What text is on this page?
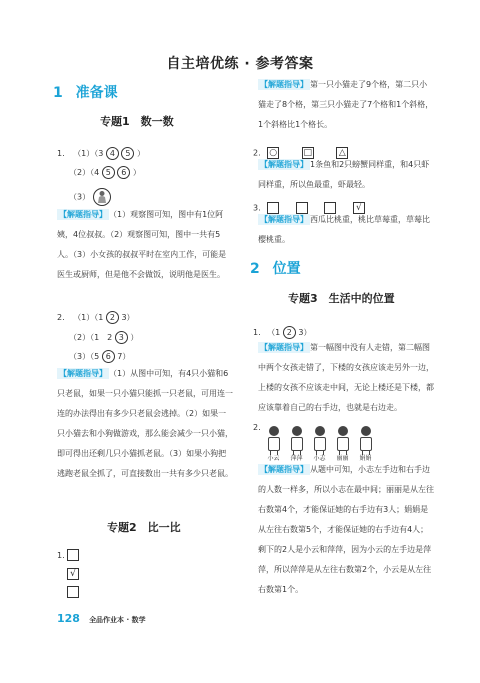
自主培优练 · 参考答案
1 准备课
专题1　数一数
1. （1）（3 4 5 ）
（2）（4 5 6 ）
（3）
【解题指导】 （1）观察图可知，图中有1位阿姨，4位叔叔。（2）观察图可知，图中一共有5人。（3）小女孩的叔叔平时在室内工作，可能是医生或厨师，但是他不会做饭，说明他是医生。
2. （1）（1 2 3）
（2）（1　2 3 ）
（3）（5 6 7）
【解题指导】 （1）从图中可知，有4只小猫和6只老鼠，如果一只小猫只能抓一只老鼠，可用连一连的办法得出有多少只老鼠会逃掉。（2）如果一只小猫去和小狗做游戏，那么能会减少一只小猫，即可得出还剩几只小猫抓老鼠。（3）如果小狗把逃跑老鼠全抓了，可直接数出一共有多少只老鼠。
专题2　比一比
1.
√
128 全品作业本 · 数学
【解题指导】 第一只小猫走了9个格，第二只小猫走了8个格，第三只小猫走了7个格和1个斜格，1个斜格比1个格长。
2. ○	□	△
【解题指导】 1条鱼和2只螃蟹同样重，和4只虾同样重，所以鱼最重，虾最轻。
3.	√
【解题指导】 西瓜比桃重，桃比草莓重，草莓比樱桃重。
2 位置
专题3　生活中的位置
1. （1 2 3）
【解题指导】 第一幅图中没有人走错，第二幅图中两个女孩走错了，下楼的女孩应该走另外一边，上楼的女孩不应该走中间，无论上楼还是下楼，都应该靠着自己的右手边，也就是右边走。
2.
小云	萍萍	小志	丽丽	娟娟
【解题指导】 从题中可知，小志左手边和右手边的人数一样多，所以小志在最中间；丽丽是从左往右数第4个，才能保证她的右手边有3人；娟娟是从左往右数第5个，才能保证她的右手边有4人；剩下的2人是小云和萍萍，因为小云的左手边是萍萍，所以萍萍是从左往右数第2个，小云是从左往右数第1个。
